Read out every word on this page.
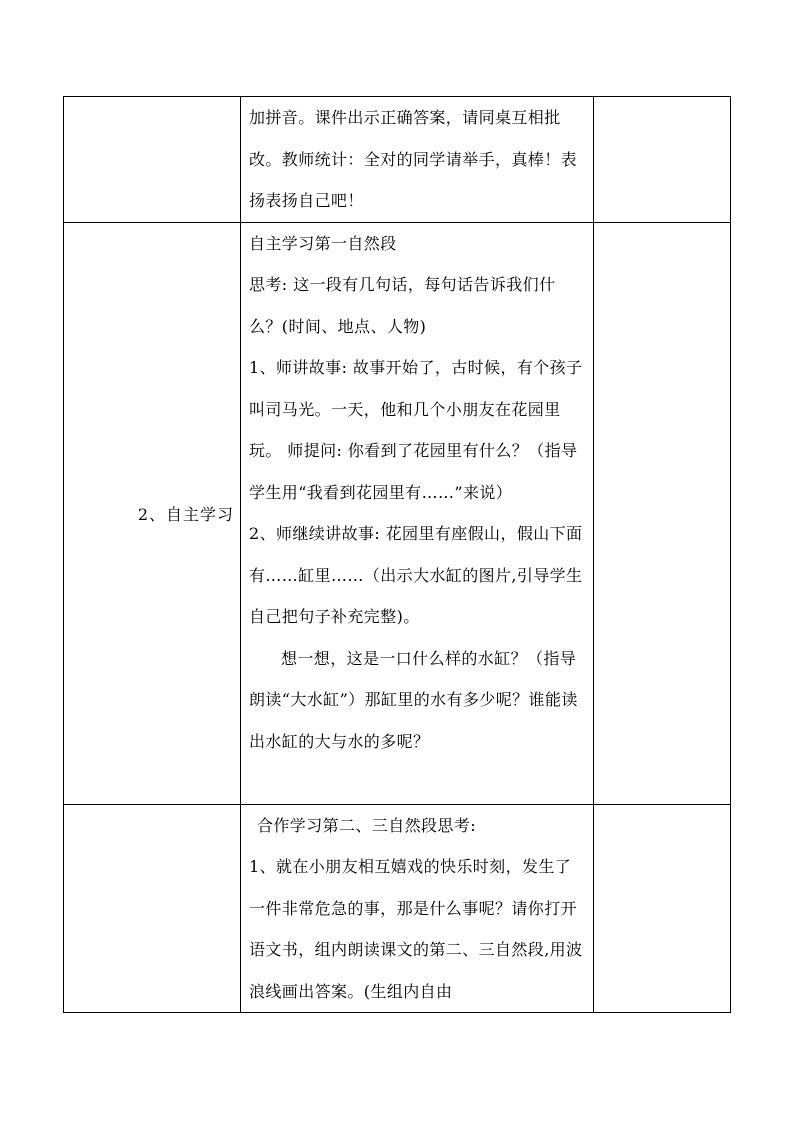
	加拼音。课件出示正确答案，请同桌互相批改。教师统计：全对的同学请举手，真棒！表扬表扬自己吧！	

2、自主学习	自主学习第一自然段

思考: 这一段有几句话，每句话告诉我们什么？(时间、地点、人物)

1、师讲故事: 故事开始了，古时候，有个孩子叫司马光。一天，他和几个小朋友在花园里玩。 师提问: 你看到了花园里有什么？（指导学生用“我看到花园里有……”来说）

2、师继续讲故事: 花园里有座假山，假山下面有……缸里……（出示大水缸的图片,引导学生自己把句子补充完整)。

想一想，这是一口什么样的水缸？（指导朗读“大水缸”）那缸里的水有多少呢？谁能读出水缸的大与水的多呢？	

	合作学习第二、三自然段思考:

1、就在小朋友相互嬉戏的快乐时刻，发生了一件非常危急的事，那是什么事呢？请你打开语文书，组内朗读课文的第二、三自然段,用波浪线画出答案。(生组内自由	
